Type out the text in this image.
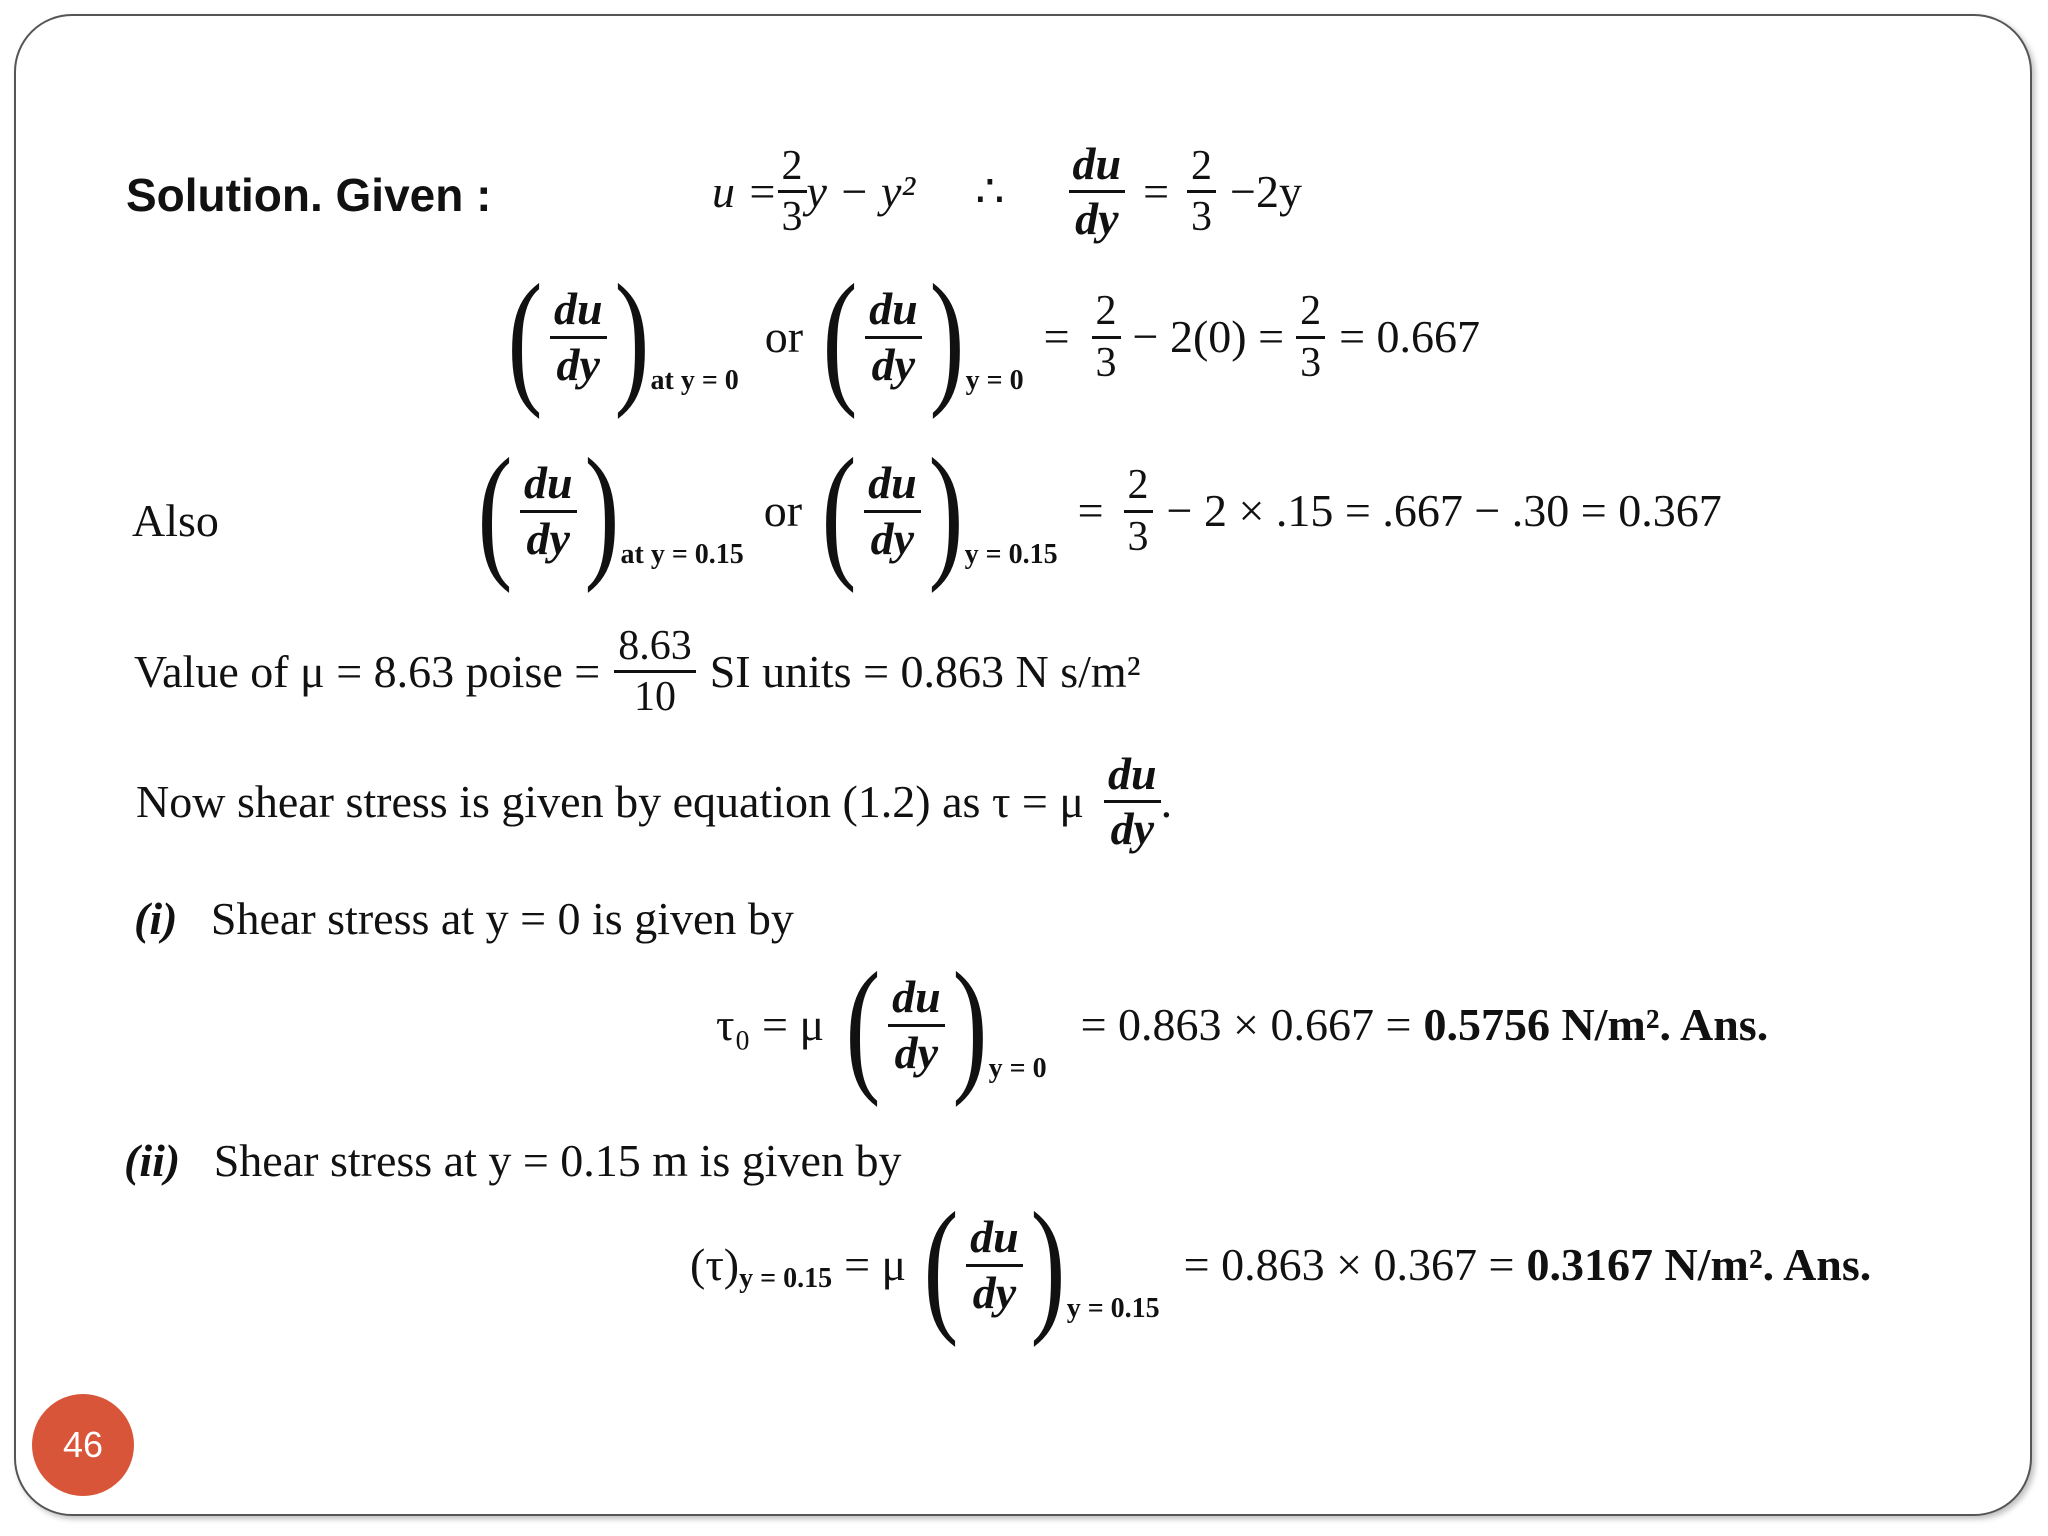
Solution. Given :	$u = \frac{2}{3}$ y − y² ∴ $\frac{du}{dy} = \frac{2}{3} -2y$
( $\frac{du}{dy}$ ) at y = 0
or ( $\frac{du}{dy}$ ) y = 0
= $\frac{2}{3} - 2(0) = \frac{2}{3} = 0.667$
Also ( $\frac{du}{dy}$ ) at y = 0.15
or ( $\frac{du}{dy}$ ) y = 0.15
= $\frac{2}{3} - 2 \times .15 = .667 - .30 = 0.367$
Value of μ = 8.63 poise = $\frac{8.63}{10}$ SI units = 0.863 N s/m²
Now shear stress is given by equation (1.2) as τ = μ $\frac{du}{dy}$ .
(i) Shear stress at y = 0 is given by
τ₀ = μ ( $\frac{du}{dy}$ ) y = 0
= 0.863 × 0.667 = 0.5756 N/m². Ans.
(ii) Shear stress at y = 0.15 m is given by
(τ) y = 0.15 = μ ( $\frac{du}{dy}$ ) y = 0.15
= 0.863 × 0.367 = 0.3167 N/m². Ans.
46
